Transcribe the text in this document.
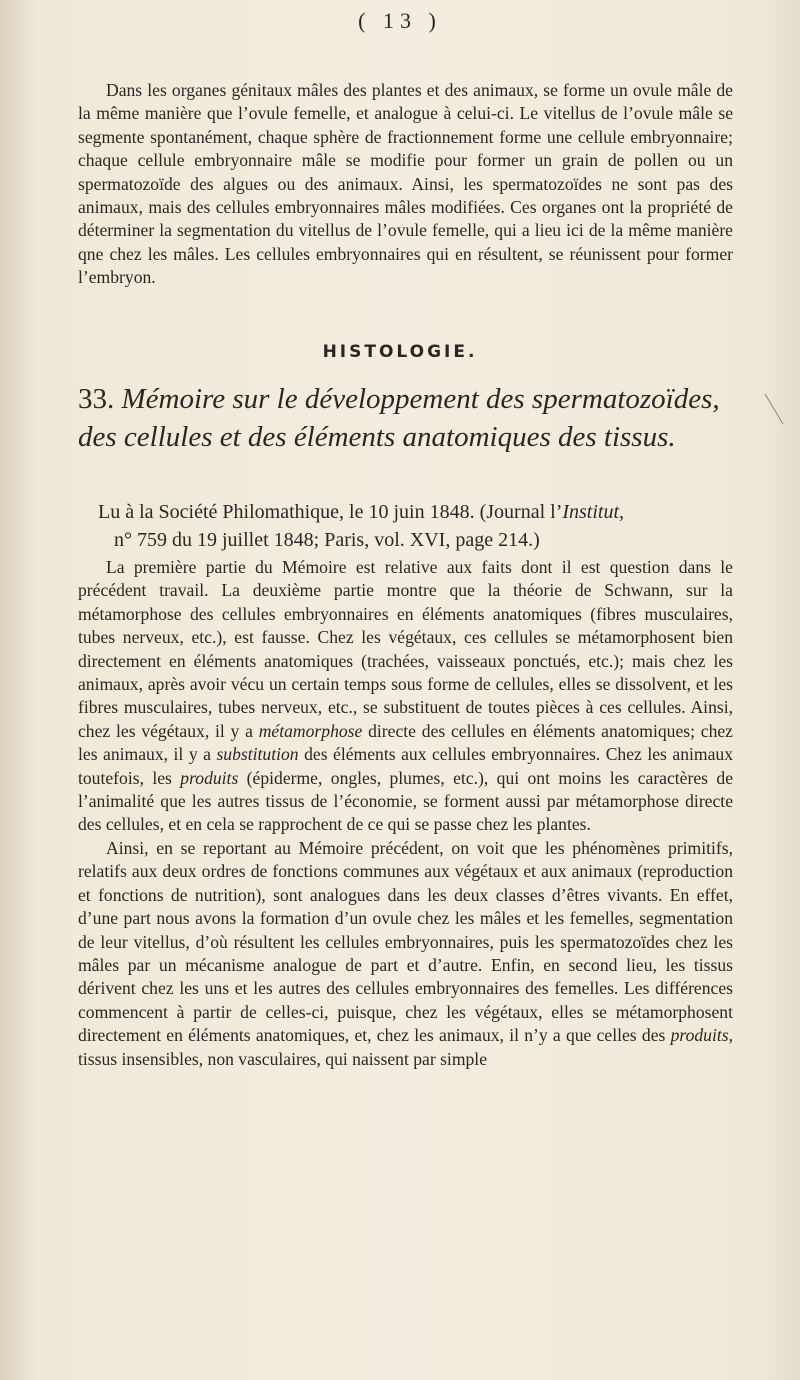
( 13 )

Dans les organes génitaux mâles des plantes et des animaux, se forme un ovule mâle de la même manière que l’ovule femelle, et analogue à celui-ci. Le vitellus de l’ovule mâle se segmente spontanément, chaque sphère de fractionnement forme une cellule embryonnaire; chaque cellule embryonnaire mâle se modifie pour former un grain de pollen ou un spermatozoïde des algues ou des animaux. Ainsi, les spermatozoïdes ne sont pas des animaux, mais des cellules embryonnaires mâles modifiées. Ces organes ont la propriété de déterminer la segmentation du vitellus de l’ovule femelle, qui a lieu ici de la même manière qne chez les mâles. Les cellules embryonnaires qui en résultent, se réunissent pour former l’embryon.

HISTOLOGIE.
33. Mémoire sur le développement des spermatozoïdes, des cellules et des éléments anatomiques des tissus.
Lu à la Société Philomathique, le 10 juin 1848. (Journal l’Institut,
n° 759 du 19 juillet 1848; Paris, vol. XVI, page 214.)

La première partie du Mémoire est relative aux faits dont il est question dans le précédent travail. La deuxième partie montre que la théorie de Schwann, sur la métamorphose des cellules embryonnaires en éléments anatomiques (fibres musculaires, tubes nerveux, etc.), est fausse. Chez les végétaux, ces cellules se métamorphosent bien directement en éléments anatomiques (trachées, vaisseaux ponctués, etc.); mais chez les animaux, après avoir vécu un certain temps sous forme de cellules, elles se dissolvent, et les fibres musculaires, tubes nerveux, etc., se substituent de toutes pièces à ces cellules. Ainsi, chez les végétaux, il y a métamorphose directe des cellules en éléments anatomiques; chez les animaux, il y a substitution des éléments aux cellules embryonnaires. Chez les animaux toutefois, les produits (épiderme, ongles, plumes, etc.), qui ont moins les caractères de l’animalité que les autres tissus de l’économie, se forment aussi par métamorphose directe des cellules, et en cela se rapprochent de ce qui se passe chez les plantes.

Ainsi, en se reportant au Mémoire précédent, on voit que les phénomènes primitifs, relatifs aux deux ordres de fonctions communes aux végétaux et aux animaux (reproduction et fonctions de nutrition), sont analogues dans les deux classes d’êtres vivants. En effet, d’une part nous avons la formation d’un ovule chez les mâles et les femelles, segmentation de leur vitellus, d’où résultent les cellules embryonnaires, puis les spermatozoïdes chez les mâles par un mécanisme analogue de part et d’autre. Enfin, en second lieu, les tissus dérivent chez les uns et les autres des cellules embryonnaires des femelles. Les différences commencent à partir de celles-ci, puisque, chez les végétaux, elles se métamorphosent directement en éléments anatomiques, et, chez les animaux, il n’y a que celles des produits, tissus insensibles, non vasculaires, qui naissent par simple
